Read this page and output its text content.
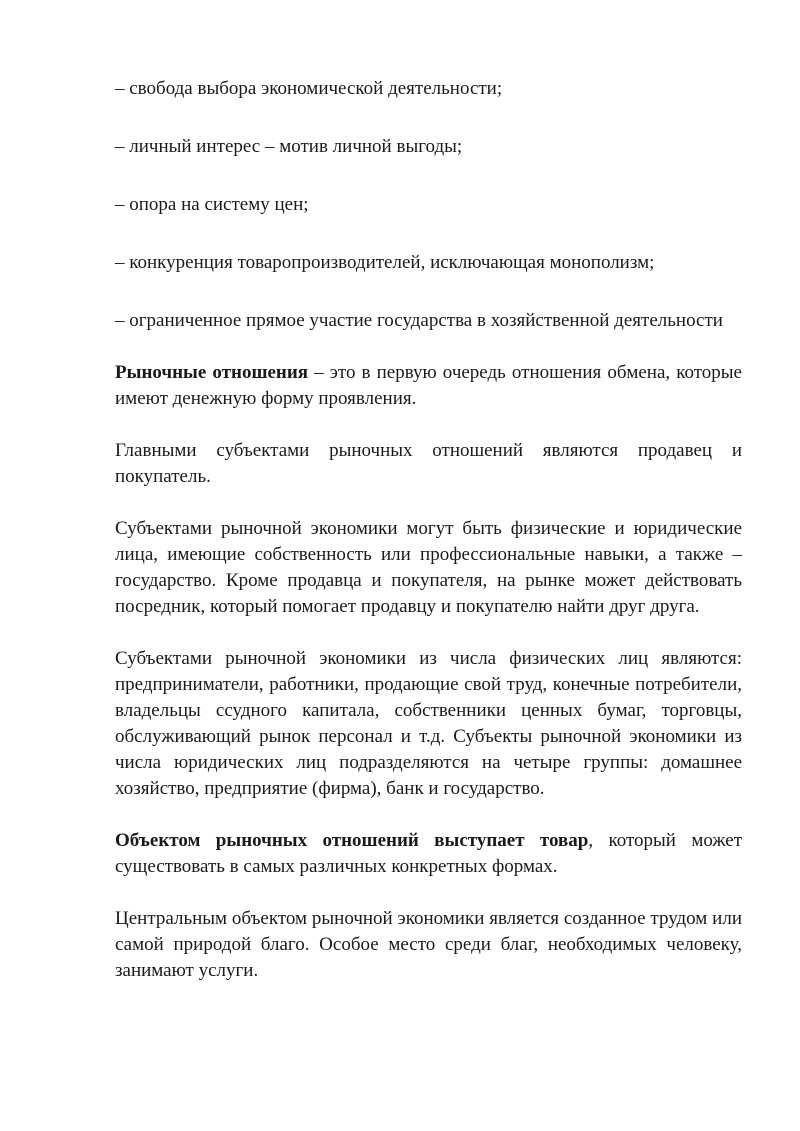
– свобода выбора экономической деятельности;

– личный интерес – мотив личной выгоды;

– опора на систему цен;

– конкуренция товаропроизводителей, исключающая монополизм;

– ограниченное прямое участие государства в хозяйственной деятельности

Рыночные отношения – это в первую очередь отношения обмена, которые имеют денежную форму проявления.

Главными субъектами рыночных отношений являются продавец и покупатель.

Субъектами рыночной экономики могут быть физические и юридические лица, имеющие собственность или профессиональные навыки, а также – государство. Кроме продавца и покупателя, на рынке может действовать посредник, который помогает продавцу и покупателю найти друг друга.

Субъектами рыночной экономики из числа физических лиц являются: предприниматели, работники, продающие свой труд, конечные потребители, владельцы ссудного капитала, собственники ценных бумаг, торговцы, обслуживающий рынок персонал и т.д. Субъекты рыночной экономики из числа юридических лиц подразделяются на четыре группы: домашнее хозяйство, предприятие (фирма), банк и государство.

Объектом рыночных отношений выступает товар, который может существовать в самых различных конкретных формах.

Центральным объектом рыночной экономики является созданное трудом или самой природой благо. Особое место среди благ, необходимых человеку, занимают услуги.
